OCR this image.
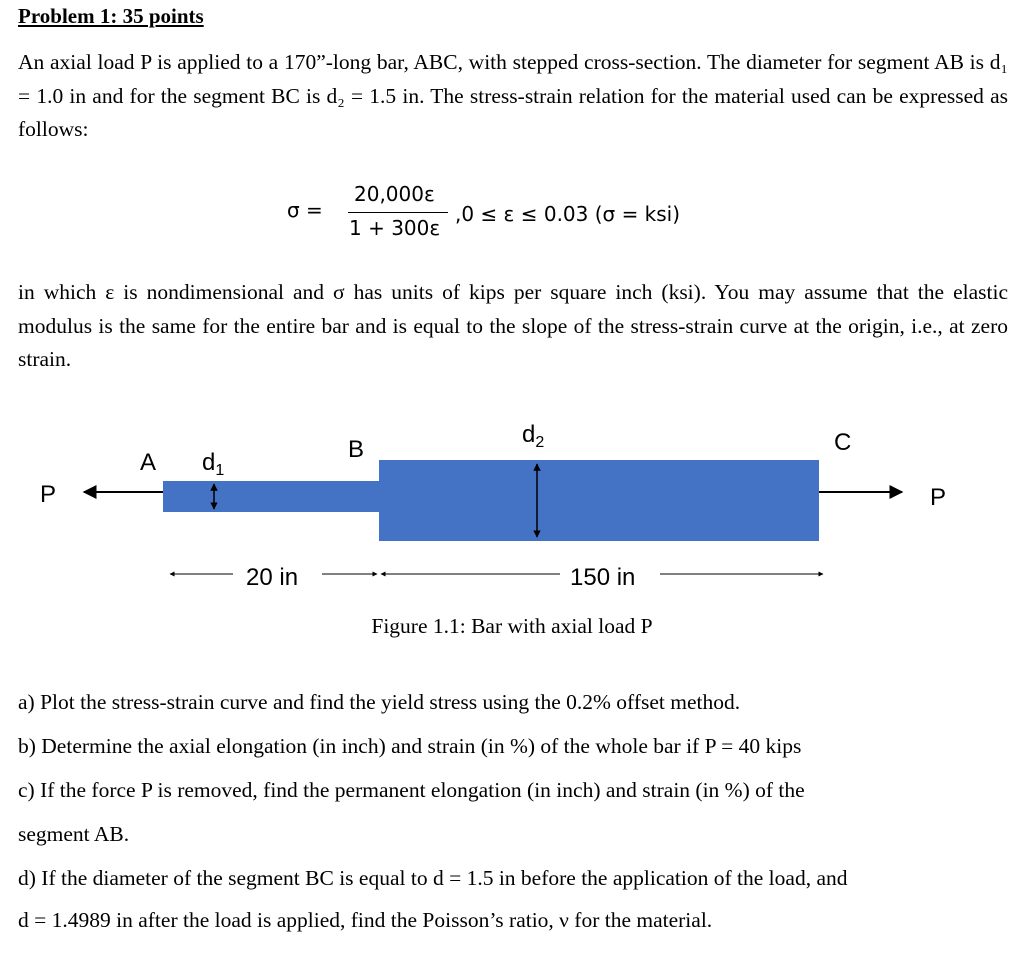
Problem 1: 35 points

An axial load P is applied to a 170”-long bar, ABC, with stepped cross-section. The diameter for segment AB is d₁ = 1.0 in and for the segment BC is d₂ = 1.5 in. The stress-strain relation for the material used can be expressed as follows:

σ =
20,000ε
1 + 300ε
,0 ≤ ε ≤ 0.03 (σ = ksi)

in which ε is nondimensional and σ has units of kips per square inch (ksi). You may assume that the elastic modulus is the same for the entire bar and is equal to the slope of the stress-strain curve at the origin, i.e., at zero strain.

P	P
A	B	C
$d_1$
$d_2$
20 in	150 in
Figure 1.1: Bar with axial load P

a) Plot the stress-strain curve and find the yield stress using the 0.2% offset method.

b) Determine the axial elongation (in inch) and strain (in %) of the whole bar if P = 40 kips

c) If the force P is removed, find the permanent elongation (in inch) and strain (in %) of the

segment AB.

d) If the diameter of the segment BC is equal to d = 1.5 in before the application of the load, and

d = 1.4989 in after the load is applied, find the Poisson’s ratio, ν for the material.
